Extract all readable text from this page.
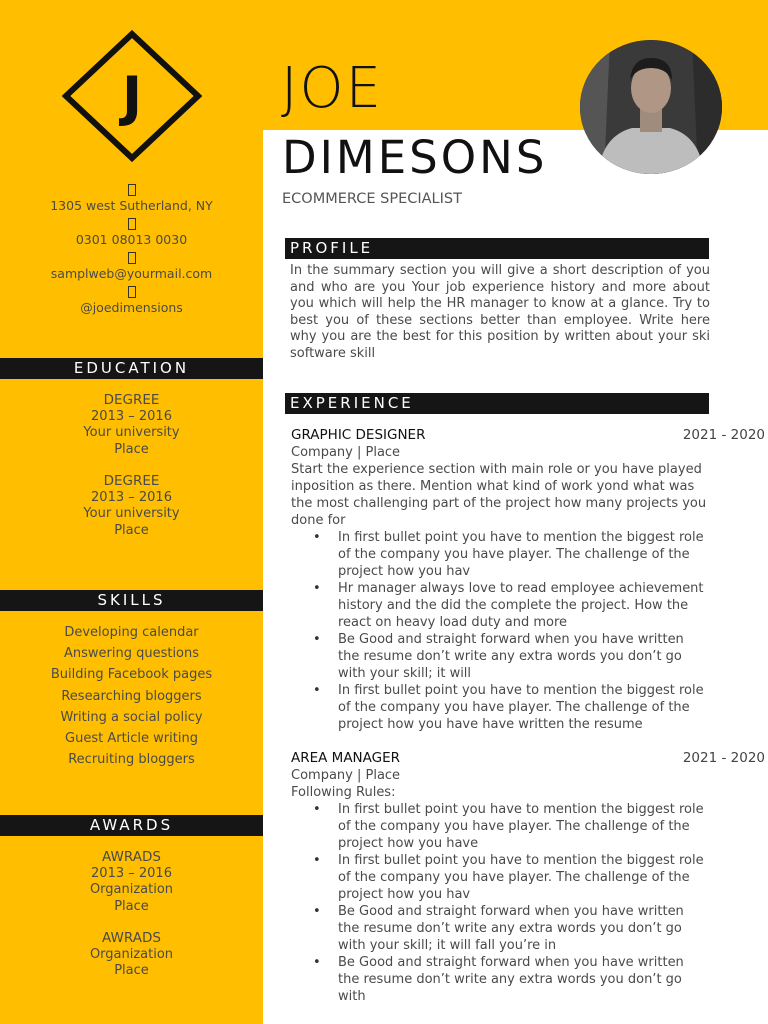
J
1305 west Sutherland, NY
0301 08013 0030
samplweb@yourmail.com
@joedimensions
EDUCATION
DEGREE
2013 – 2016
Your university
Place
DEGREE
2013 – 2016
Your university
Place
SKILLS
Developing calendar
Answering questions
Building Facebook pages
Researching bloggers
Writing a social policy
Guest Article writing
Recruiting bloggers
AWARDS
AWRADS
2013 – 2016
Organization
Place
AWRADS
Organization
Place
JOE
DIMESONS
ECOMMERCE SPECIALIST
PROFILE
In the summary section you will give a short description of you and who are you Your job experience history and more about you which will help the HR manager to know at a glance. Try to best you of these sections better than employee. Write here why you are the best for this position by written about your ski software skill
EXPERIENCE
GRAPHIC DESIGNER	2021 - 2020
Company | Place
Start the experience section with main role or you have played inposition as there. Mention what kind of work yond what was the most challenging part of the project how many projects you done for
• In first bullet point you have to mention the biggest role of the company you have player. The challenge of the project how you hav
• Hr manager always love to read employee achievement history and the did the complete the project. How the react on heavy load duty and more
• Be Good and straight forward when you have written the resume don’t write any extra words you don’t go with your skill; it will
• In first bullet point you have to mention the biggest role of the company you have player. The challenge of the project how you have have written the resume
AREA MANAGER	2021 - 2020
Company | Place
Following Rules:
• In first bullet point you have to mention the biggest role of the company you have player. The challenge of the project how you have
• In first bullet point you have to mention the biggest role of the company you have player. The challenge of the project how you hav
• Be Good and straight forward when you have written the resume don’t write any extra words you don’t go with your skill; it will fall you’re in
• Be Good and straight forward when you have written the resume don’t write any extra words you don’t go with
